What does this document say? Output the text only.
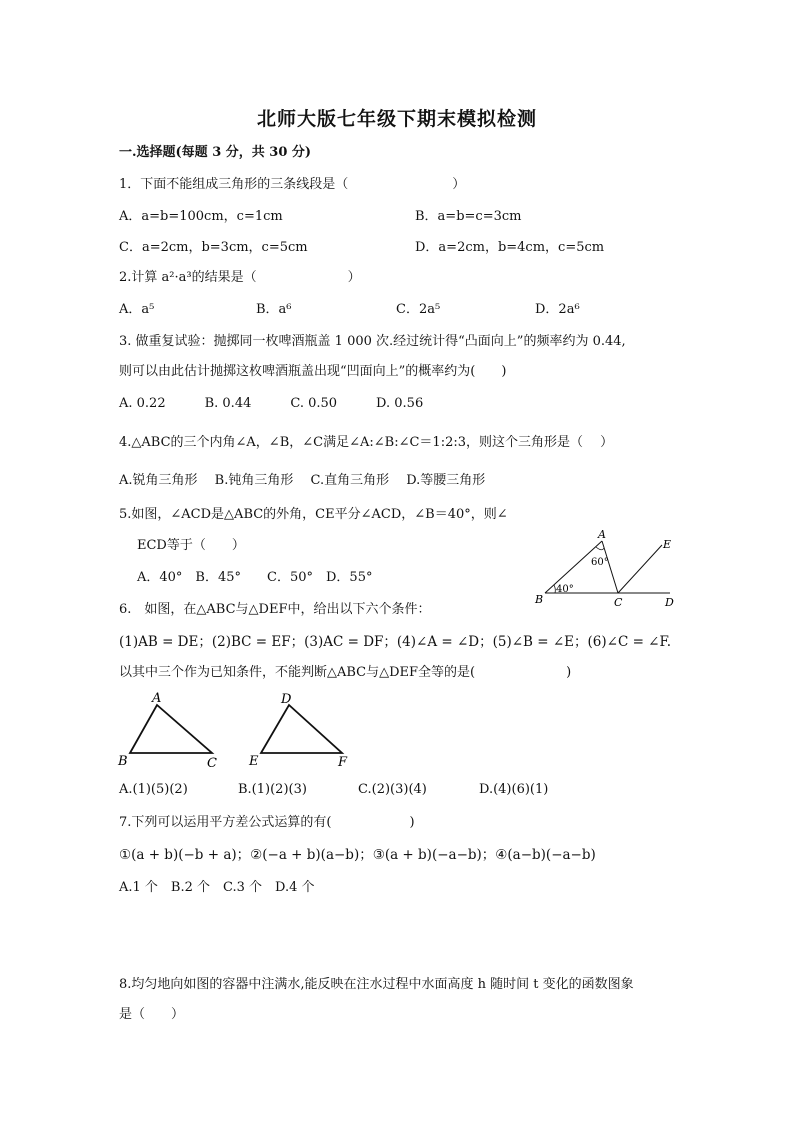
北师大版七年级下期末模拟检测
一.选择题(每题 3 分，共 30 分)
1．下面不能组成三角形的三条线段是（　　　　　　　　）
A．a=b=100cm，c=1cm	B．a=b=c=3cm
C．a=2cm，b=3cm，c=5cm	D．a=2cm，b=4cm，c=5cm
2.计算 a²·a³的结果是（　　　　　　　）
A．a⁵	B．a⁶	C．2a⁵	D．2a⁶
3. 做重复试验：抛掷同一枚啤酒瓶盖 1 000 次.经过统计得“凸面向上”的频率约为 0.44,
则可以由此估计抛掷这枚啤酒瓶盖出现“凹面向上”的概率约为(　　)
A. 0.22　　　B. 0.44　　　C. 0.50　　　D. 0.56
4.△ABC的三个内角∠A，∠B，∠C满足∠A:∠B:∠C＝1:2:3，则这个三角形是（　 ）
A.锐角三角形　 B.钝角三角形　 C.直角三角形　 D.等腰三角形
5.如图，∠ACD是△ABC的外角，CE平分∠ACD，∠B＝40°，则∠
ECD等于（　　）
A．40°　B．45°　　C．50°　D．55°
A
B	C	D
E
60°
40°
6.　如图，在△ABC与△DEF中，给出以下六个条件：
(1)AB = DE；(2)BC = EF；(3)AC = DF；(4)∠A = ∠D；(5)∠B = ∠E；(6)∠C = ∠F.
以其中三个作为已知条件，不能判断△ABC与△DEF全等的是(　　　　　　　)
A
B	C
D
E	F
A.(1)(5)(2)	B.(1)(2)(3)	C.(2)(3)(4)	D.(4)(6)(1)
7.下列可以运用平方差公式运算的有(　　　　　　)
①(a + b)(−b + a)；②(−a + b)(a−b)；③(a + b)(−a−b)；④(a−b)(−a−b)
A.1 个　B.2 个　C.3 个　D.4 个
8.均匀地向如图的容器中注满水,能反映在注水过程中水面高度 h 随时间 t 变化的函数图象
是（　　）
